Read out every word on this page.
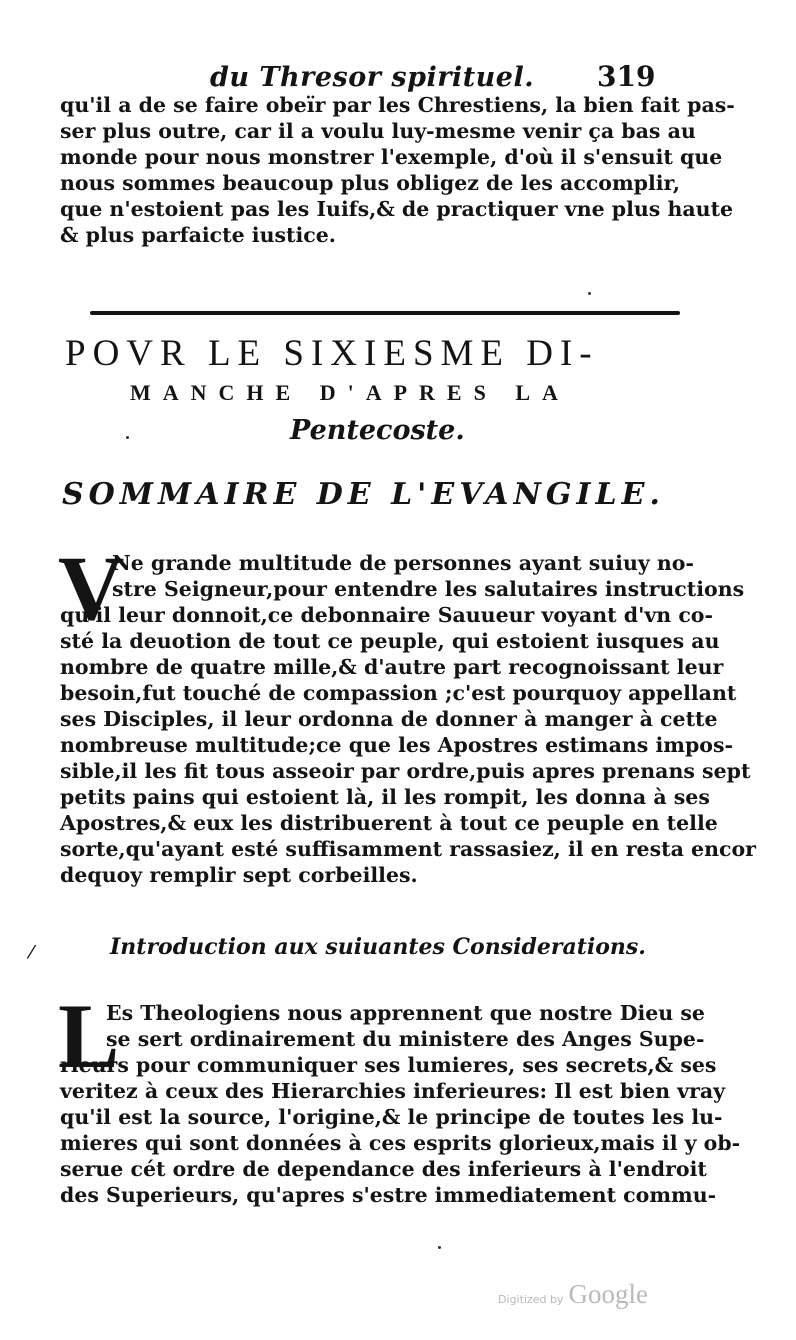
du Thresor spirituel. 319
qu'il a de se faire obeïr par les Chrestiens, la bien fait pas-
ser plus outre, car il a voulu luy-mesme venir ça bas au
monde pour nous monstrer l'exemple, d'où il s'ensuit que
nous sommes beaucoup plus obligez de les accomplir,
que n'estoient pas les Iuifs,& de practiquer vne plus haute
& plus parfaicte iustice.
POVR LE SIXIESME DI-
MANCHE D'APRES LA
Pentecoste.
SOMMAIRE DE L'EVANGILE.
V
Ne grande multitude de personnes ayant suiuy no-
stre Seigneur,pour entendre les salutaires instructions
qu'il leur donnoit,ce debonnaire Sauueur voyant d'vn co-
sté la deuotion de tout ce peuple, qui estoient iusques au
nombre de quatre mille,& d'autre part recognoissant leur
besoin,fut touché de compassion ;c'est pourquoy appellant
ses Disciples, il leur ordonna de donner à manger à cette
nombreuse multitude;ce que les Apostres estimans impos-
sible,il les fit tous asseoir par ordre,puis apres prenans sept
petits pains qui estoient là, il les rompit, les donna à ses
Apostres,& eux les distribuerent à tout ce peuple en telle
sorte,qu'ayant esté suffisamment rassasiez, il en resta encor
dequoy remplir sept corbeilles.
⁄	Introduction aux suiuantes Considerations.
L
Es Theologiens nous apprennent que nostre Dieu se
se sert ordinairement du ministere des Anges Supe-
rieurs pour communiquer ses lumieres, ses secrets,& ses
veritez à ceux des Hierarchies inferieures: Il est bien vray
qu'il est la source, l'origine,& le principe de toutes les lu-
mieres qui sont données à ces esprits glorieux,mais il y ob-
serue cét ordre de dependance des inferieurs à l'endroit
des Superieurs, qu'apres s'estre immediatement commu-
Digitized by Google
